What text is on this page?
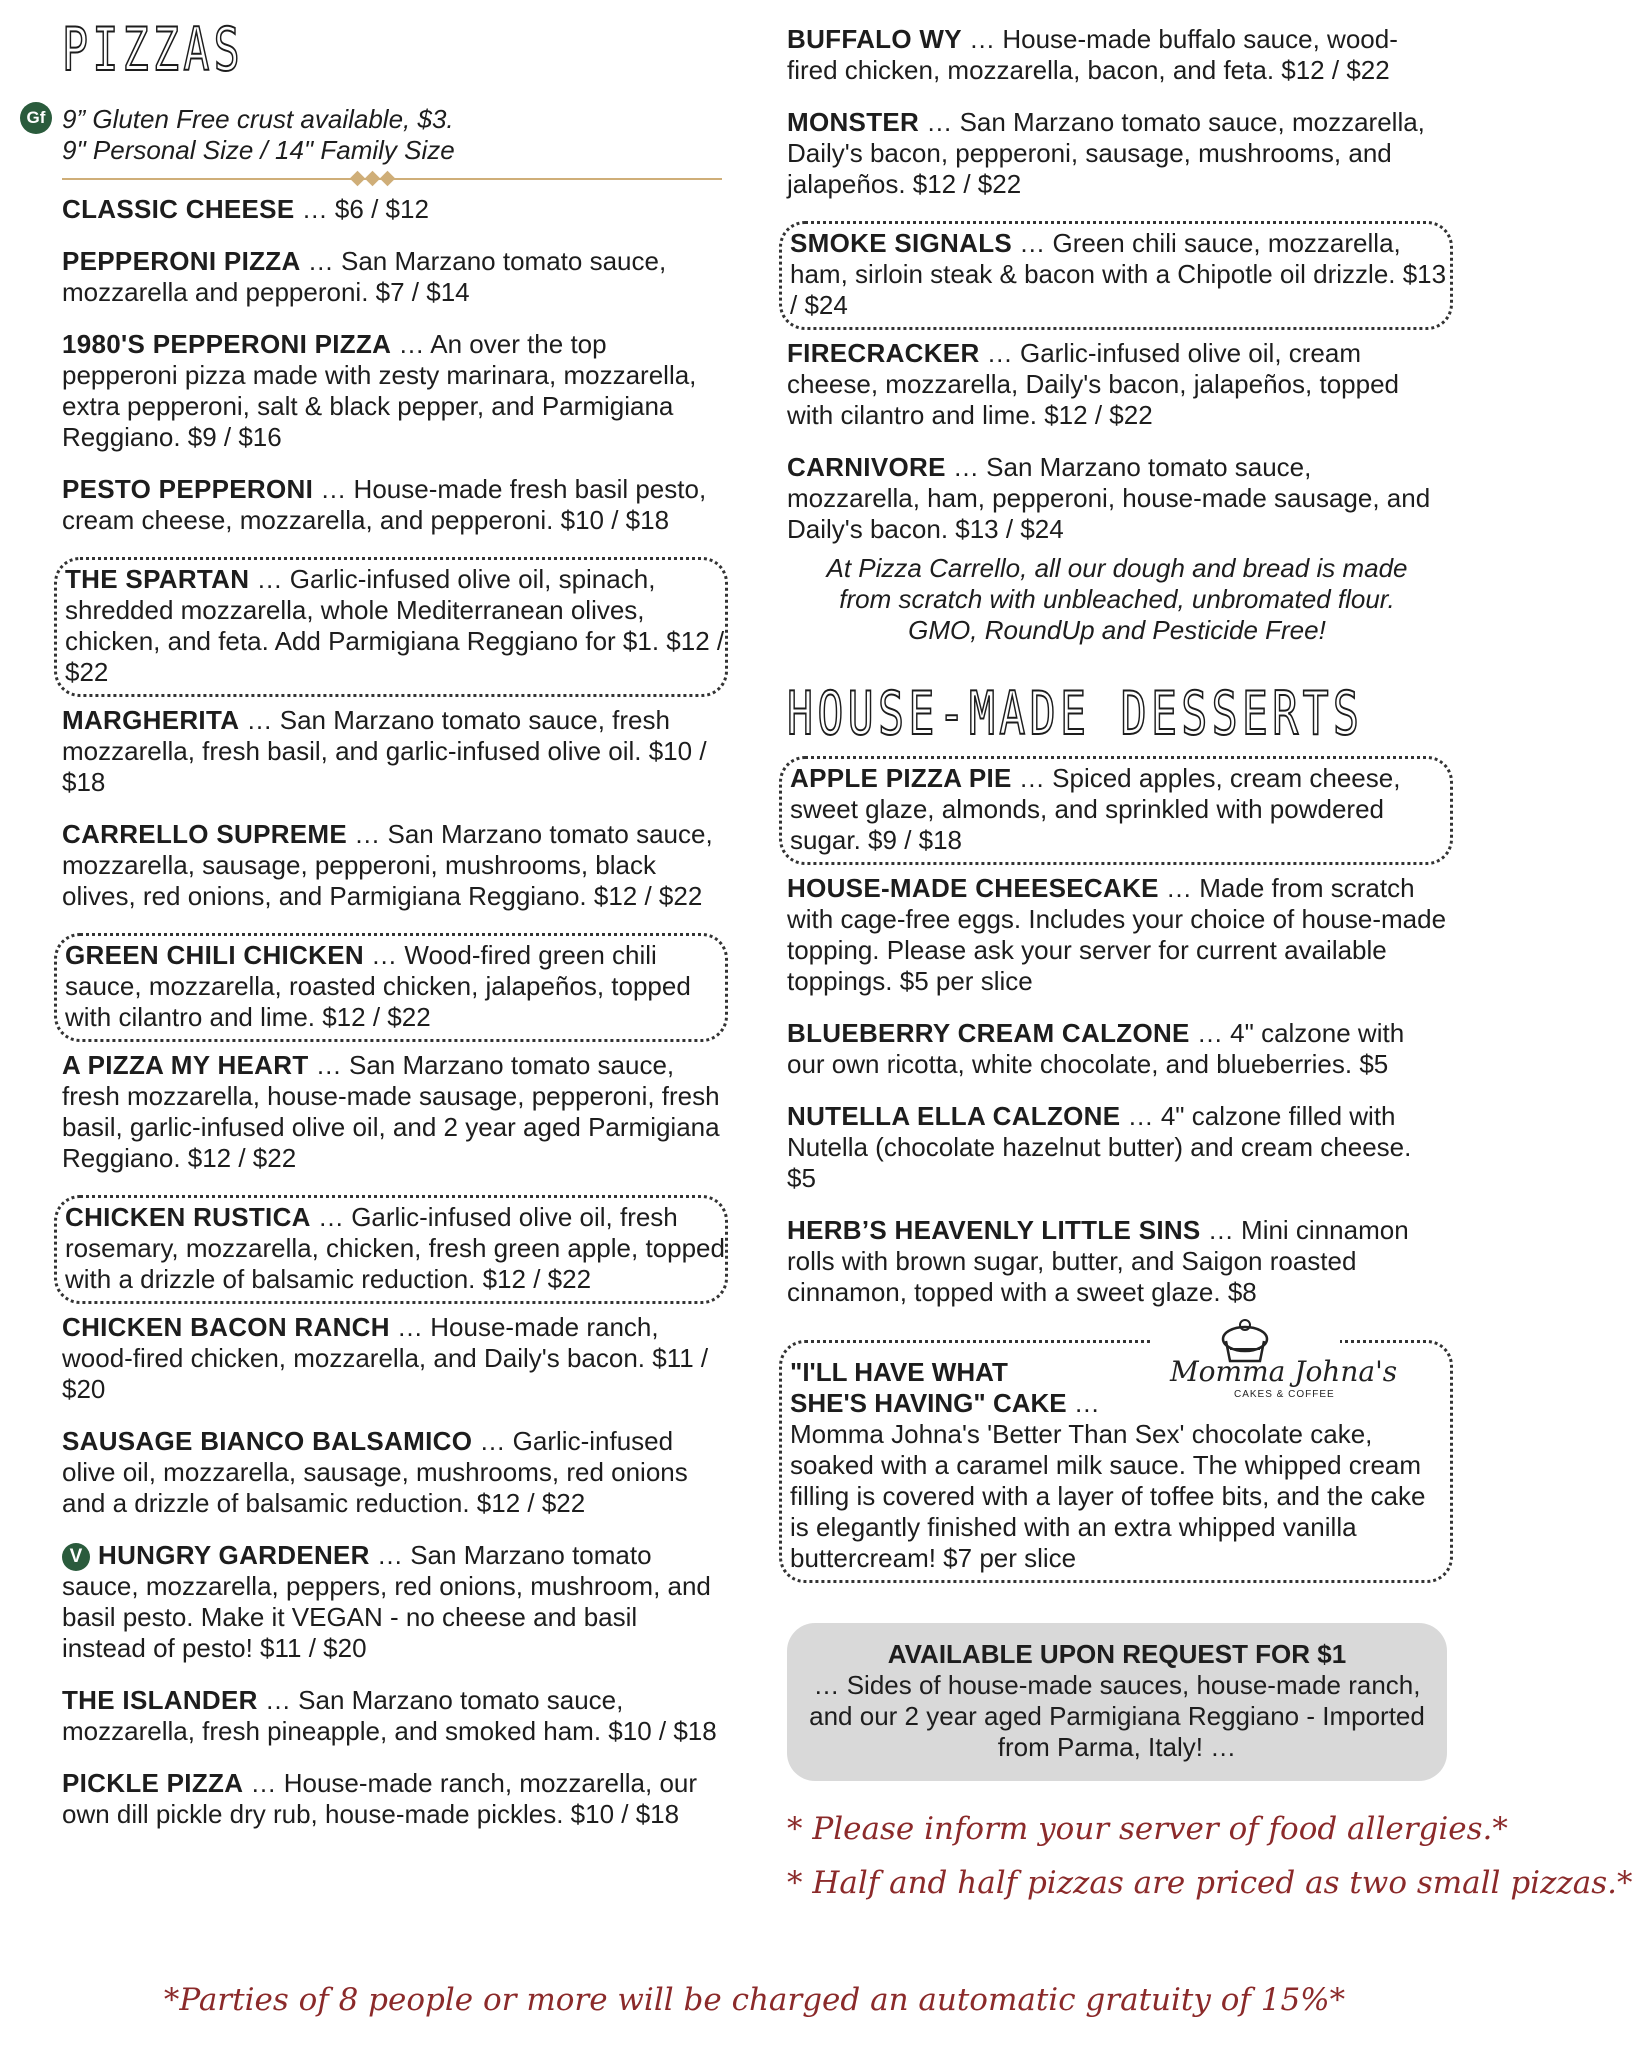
PIZZAS
Gf 9” Gluten Free crust available, $3.
9" Personal Size / 14" Family Size
CLASSIC CHEESE … $6 / $12
PEPPERONI PIZZA … San Marzano tomato sauce, mozzarella and pepperoni. $7 / $14
1980'S PEPPERONI PIZZA … An over the top pepperoni pizza made with zesty marinara, mozzarella, extra pepperoni, salt & black pepper, and Parmigiana Reggiano. $9 / $16
PESTO PEPPERONI … House-made fresh basil pesto, cream cheese, mozzarella, and pepperoni. $10 / $18
THE SPARTAN … Garlic-infused olive oil, spinach, shredded mozzarella, whole Mediterranean olives, chicken, and feta. Add Parmigiana Reggiano for $1. $12 / $22
MARGHERITA … San Marzano tomato sauce, fresh mozzarella, fresh basil, and garlic-infused olive oil. $10 / $18
CARRELLO SUPREME … San Marzano tomato sauce, mozzarella, sausage, pepperoni, mushrooms, black olives, red onions, and Parmigiana Reggiano. $12 / $22
GREEN CHILI CHICKEN … Wood-fired green chili sauce, mozzarella, roasted chicken, jalapeños, topped with cilantro and lime. $12 / $22
A PIZZA MY HEART … San Marzano tomato sauce, fresh mozzarella, house-made sausage, pepperoni, fresh basil, garlic-infused olive oil, and 2 year aged Parmigiana Reggiano. $12 / $22
CHICKEN RUSTICA … Garlic-infused olive oil, fresh rosemary, mozzarella, chicken, fresh green apple, topped with a drizzle of balsamic reduction. $12 / $22
CHICKEN BACON RANCH … House-made ranch, wood-fired chicken, mozzarella, and Daily's bacon. $11 / $20
SAUSAGE BIANCO BALSAMICO … Garlic-infused olive oil, mozzarella, sausage, mushrooms, red onions and a drizzle of balsamic reduction. $12 / $22
V HUNGRY GARDENER … San Marzano tomato sauce, mozzarella, peppers, red onions, mushroom, and basil pesto. Make it VEGAN - no cheese and basil instead of pesto! $11 / $20
THE ISLANDER … San Marzano tomato sauce, mozzarella, fresh pineapple, and smoked ham. $10 / $18
PICKLE PIZZA … House-made ranch, mozzarella, our own dill pickle dry rub, house-made pickles. $10 / $18
BUFFALO WY … House-made buffalo sauce, wood-fired chicken, mozzarella, bacon, and feta. $12 / $22
MONSTER … San Marzano tomato sauce, mozzarella, Daily's bacon, pepperoni, sausage, mushrooms, and jalapeños. $12 / $22
SMOKE SIGNALS … Green chili sauce, mozzarella, ham, sirloin steak & bacon with a Chipotle oil drizzle. $13 / $24
FIRECRACKER … Garlic-infused olive oil, cream cheese, mozzarella, Daily's bacon, jalapeños, topped with cilantro and lime. $12 / $22
CARNIVORE … San Marzano tomato sauce, mozzarella, ham, pepperoni, house-made sausage, and Daily's bacon. $13 / $24
At Pizza Carrello, all our dough and bread is made
from scratch with unbleached, unbromated flour.
GMO, RoundUp and Pesticide Free!
HOUSE-MADE DESSERTS
APPLE PIZZA PIE … Spiced apples, cream cheese, sweet glaze, almonds, and sprinkled with powdered sugar. $9 / $18
HOUSE-MADE CHEESECAKE … Made from scratch with cage-free eggs. Includes your choice of house-made topping. Please ask your server for current available toppings. $5 per slice
BLUEBERRY CREAM CALZONE … 4" calzone with our own ricotta, white chocolate, and blueberries. $5
NUTELLA ELLA CALZONE … 4" calzone filled with Nutella (chocolate hazelnut butter) and cream cheese. $5
HERB’S HEAVENLY LITTLE SINS … Mini cinnamon rolls with brown sugar, butter, and Saigon roasted cinnamon, topped with a sweet glaze. $8
Momma Johna's
CAKES & COFFEE
"I'LL HAVE WHAT
SHE'S HAVING" CAKE …
Momma Johna's 'Better Than Sex' chocolate cake, soaked with a caramel milk sauce. The whipped cream filling is covered with a layer of toffee bits, and the cake is elegantly finished with an extra whipped vanilla buttercream! $7 per slice
AVAILABLE UPON REQUEST FOR $1
… Sides of house-made sauces, house-made ranch, and our 2 year aged Parmigiana Reggiano - Imported from Parma, Italy! …
* Please inform your server of food allergies.*
* Half and half pizzas are priced as two small pizzas.*
*Parties of 8 people or more will be charged an automatic gratuity of 15%*
